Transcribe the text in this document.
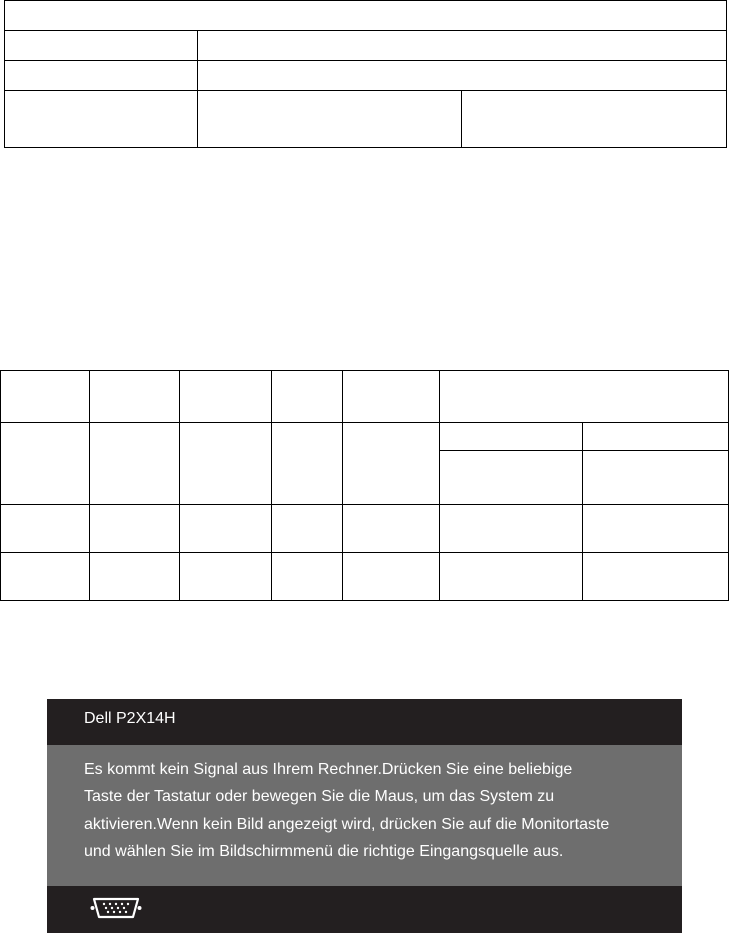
Dell P2X14H
Es kommt kein Signal aus Ihrem Rechner.Drücken Sie eine beliebige
Taste der Tastatur oder bewegen Sie die Maus, um das System zu
aktivieren.Wenn kein Bild angezeigt wird, drücken Sie auf die Monitortaste
und wählen Sie im Bildschirmmenü die richtige Eingangsquelle aus.
